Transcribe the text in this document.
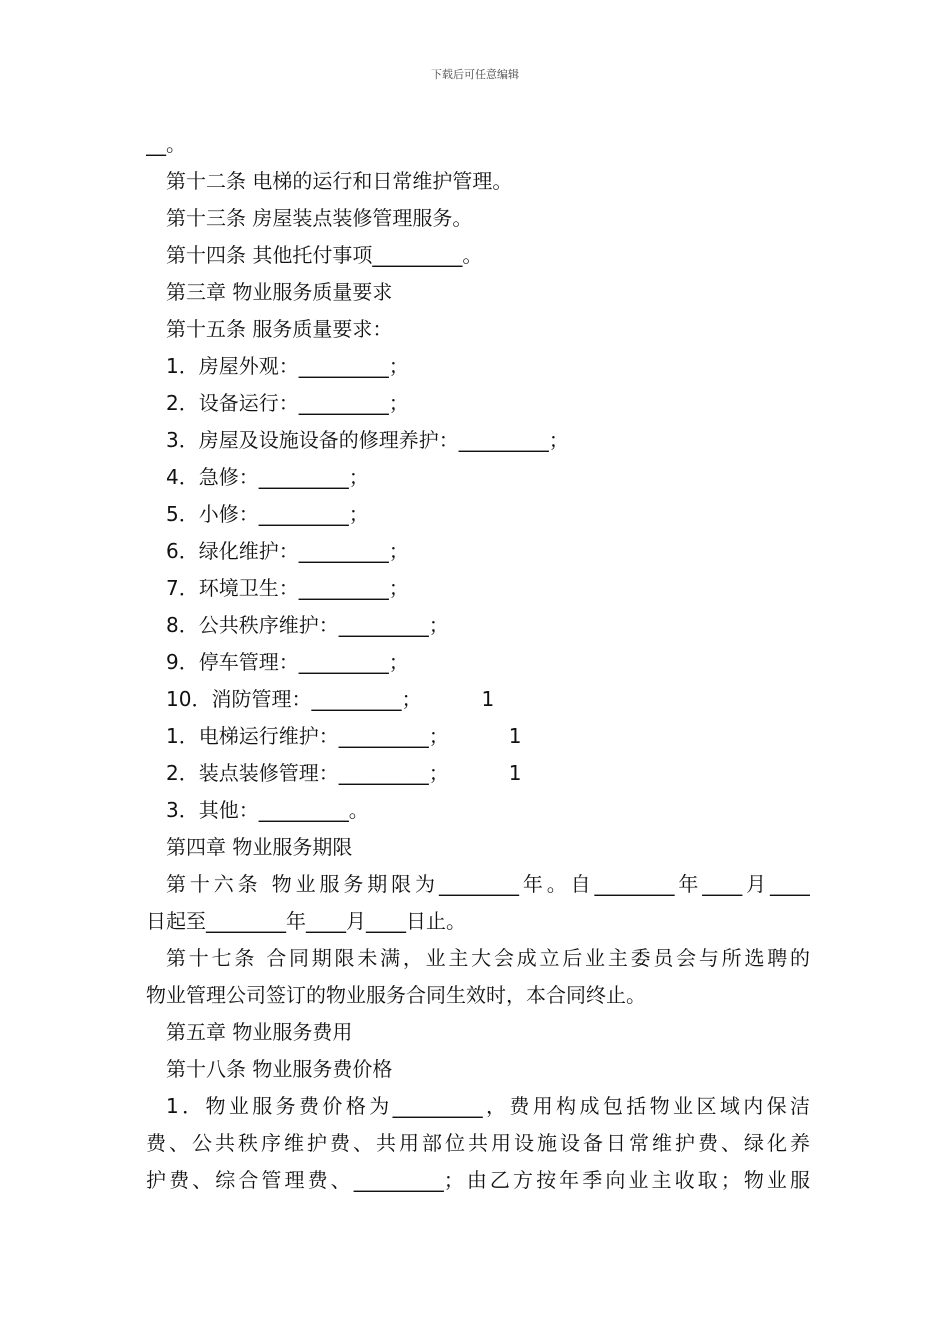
下载后可任意编辑
__。
第十二条 电梯的运行和日常维护管理。
第十三条 房屋装点装修管理服务。
第十四条 其他托付事项_________。
第三章 物业服务质量要求
第十五条 服务质量要求：
1．房屋外观：_________；
2．设备运行：_________；
3．房屋及设施设备的修理养护：_________；
4．急修：_________；
5．小修：_________；
6．绿化维护：_________；
7．环境卫生：_________；
8．公共秩序维护：_________；
9．停车管理：_________；
10．消防管理：_________；	1
1．电梯运行维护：_________；	1
2．装点装修管理：_________；	1
3．其他：_________。
第四章 物业服务期限
第十六条 物业服务期限为________年。自________年____月____
日起至________年____月____日止。
第十七条 合同期限未满，业主大会成立后业主委员会与所选聘的
物业管理公司签订的物业服务合同生效时，本合同终止。
第五章 物业服务费用
第十八条 物业服务费价格
1．物业服务费价格为_________，费用构成包括物业区域内保洁
费、公共秩序维护费、共用部位共用设施设备日常维护费、绿化养
护费、综合管理费、_________；由乙方按年季向业主收取；物业服
